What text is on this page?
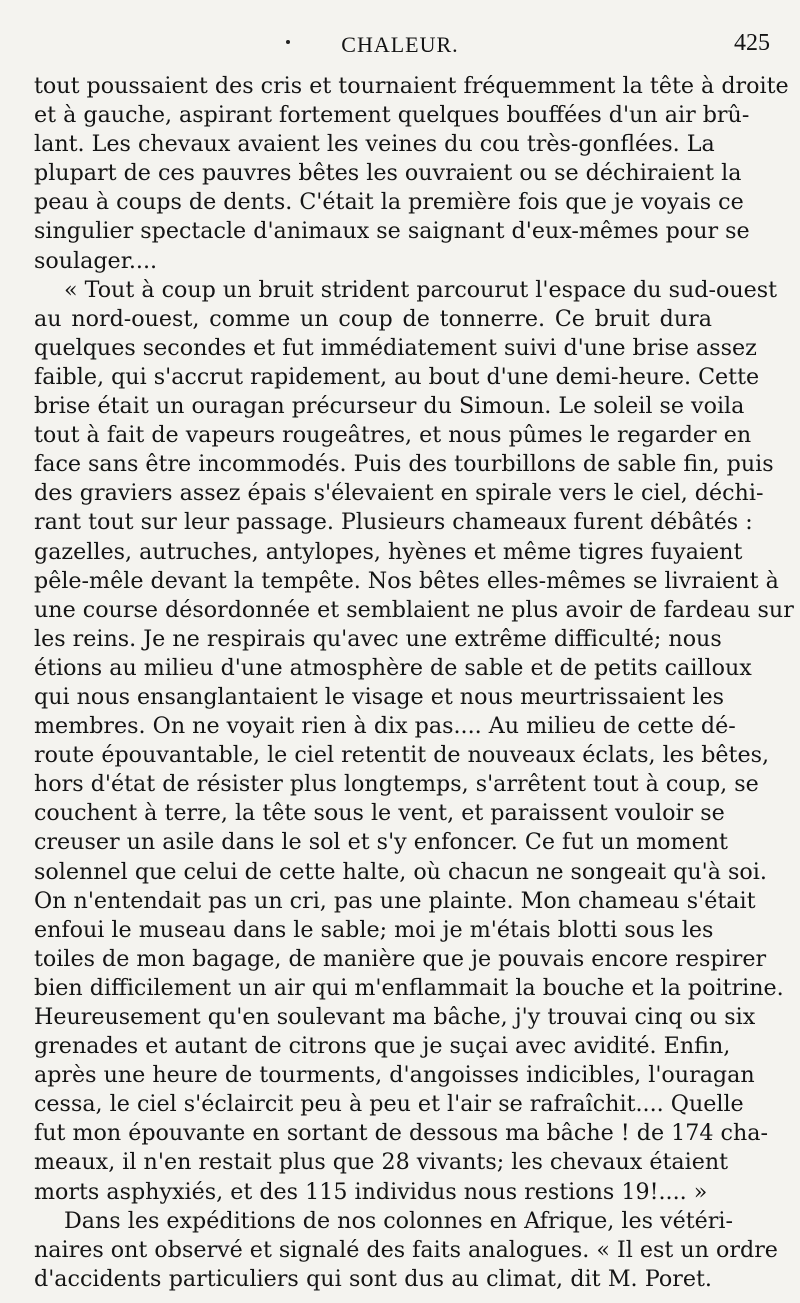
CHALEUR.	425
tout poussaient des cris et tournaient fréquemment la tête à droite
et à gauche, aspirant fortement quelques bouffées d'un air brû-
lant. Les chevaux avaient les veines du cou très-gonflées. La
plupart de ces pauvres bêtes les ouvraient ou se déchiraient la
peau à coups de dents. C'était la première fois que je voyais ce
singulier spectacle d'animaux se saignant d'eux-mêmes pour se
soulager....
« Tout à coup un bruit strident parcourut l'espace du sud-ouest
au nord-ouest, comme un coup de tonnerre. Ce bruit dura
quelques secondes et fut immédiatement suivi d'une brise assez
faible, qui s'accrut rapidement, au bout d'une demi-heure. Cette
brise était un ouragan précurseur du Simoun. Le soleil se voila
tout à fait de vapeurs rougeâtres, et nous pûmes le regarder en
face sans être incommodés. Puis des tourbillons de sable fin, puis
des graviers assez épais s'élevaient en spirale vers le ciel, déchi-
rant tout sur leur passage. Plusieurs chameaux furent débâtés :
gazelles, autruches, antylopes, hyènes et même tigres fuyaient
pêle-mêle devant la tempête. Nos bêtes elles-mêmes se livraient à
une course désordonnée et semblaient ne plus avoir de fardeau sur
les reins. Je ne respirais qu'avec une extrême difficulté; nous
étions au milieu d'une atmosphère de sable et de petits cailloux
qui nous ensanglantaient le visage et nous meurtrissaient les
membres. On ne voyait rien à dix pas.... Au milieu de cette dé-
route épouvantable, le ciel retentit de nouveaux éclats, les bêtes,
hors d'état de résister plus longtemps, s'arrêtent tout à coup, se
couchent à terre, la tête sous le vent, et paraissent vouloir se
creuser un asile dans le sol et s'y enfoncer. Ce fut un moment
solennel que celui de cette halte, où chacun ne songeait qu'à soi.
On n'entendait pas un cri, pas une plainte. Mon chameau s'était
enfoui le museau dans le sable; moi je m'étais blotti sous les
toiles de mon bagage, de manière que je pouvais encore respirer
bien difficilement un air qui m'enflammait la bouche et la poitrine.
Heureusement qu'en soulevant ma bâche, j'y trouvai cinq ou six
grenades et autant de citrons que je suçai avec avidité. Enfin,
après une heure de tourments, d'angoisses indicibles, l'ouragan
cessa, le ciel s'éclaircit peu à peu et l'air se rafraîchit.... Quelle
fut mon épouvante en sortant de dessous ma bâche ! de 174 cha-
meaux, il n'en restait plus que 28 vivants; les chevaux étaient
morts asphyxiés, et des 115 individus nous restions 19!.... »
Dans les expéditions de nos colonnes en Afrique, les vétéri-
naires ont observé et signalé des faits analogues. « Il est un ordre
d'accidents particuliers qui sont dus au climat, dit M. Poret.
